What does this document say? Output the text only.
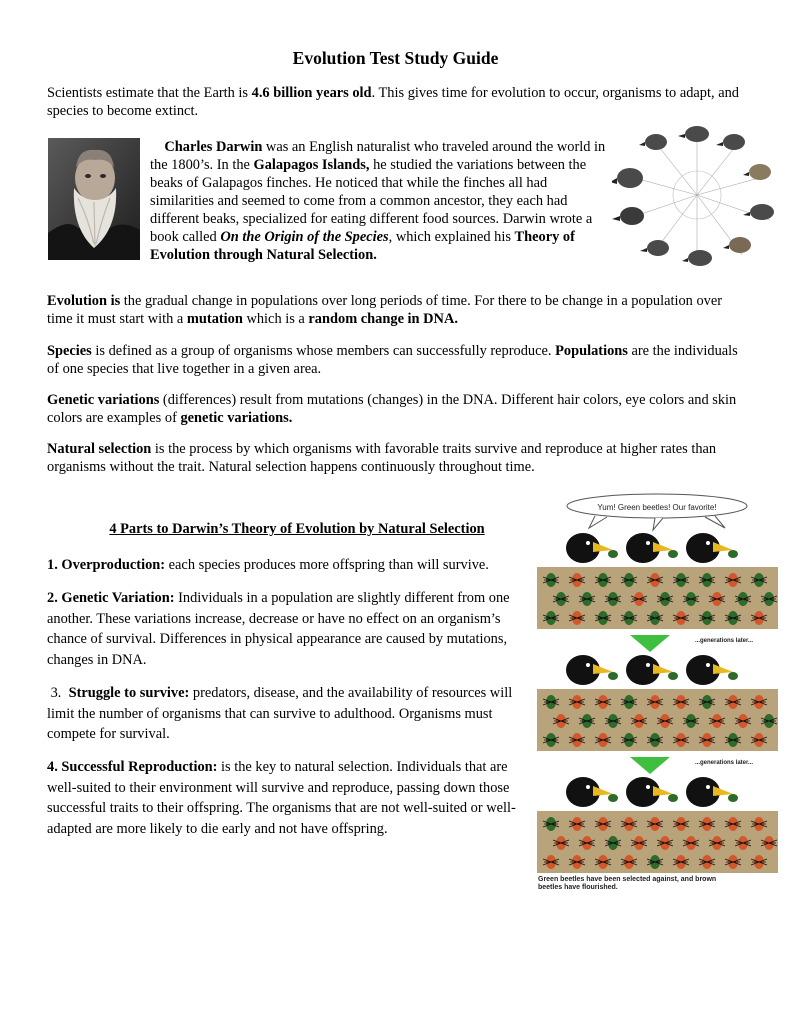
Evolution Test Study Guide

Scientists estimate that the Earth is 4.6 billion years old. This gives time for evolution to occur, organisms to adapt, and species to become extinct.

Charles Darwin was an English naturalist who traveled around the world in the 1800’s. In the Galapagos Islands, he studied the variations between the beaks of Galapagos finches. He noticed that while the finches all had similarities and seemed to come from a common ancestor, they each had different beaks, specialized for eating different food sources. Darwin wrote a book called On the Origin of the Species, which explained his Theory of Evolution through Natural Selection.

Evolution is the gradual change in populations over long periods of time. For there to be change in a population over time it must start with a mutation which is a random change in DNA.

Species is defined as a group of organisms whose members can successfully reproduce. Populations are the individuals of one species that live together in a given area.

Genetic variations (differences) result from mutations (changes) in the DNA. Different hair colors, eye colors and skin colors are examples of genetic variations.

Natural selection is the process by which organisms with favorable traits survive and reproduce at higher rates than organisms without the trait. Natural selection happens continuously throughout time.

4 Parts to Darwin’s Theory of Evolution by Natural Selection

1. Overproduction: each species produces more offspring than will survive.

2. Genetic Variation: Individuals in a population are slightly different from one another. These variations increase, decrease or have no effect on an organism’s chance of survival. Differences in physical appearance are caused by mutations, changes in DNA.

3.  Struggle to survive: predators, disease, and the availability of resources will limit the number of organisms that can survive to adulthood. Organisms must compete for survival.

4. Successful Reproduction: is the key to natural selection. Individuals that are well-suited to their environment will survive and reproduce, passing down those successful traits to their offspring. The organisms that are not well-suited or well-adapted are more likely to die early and not have offspring.

Yum! Green beetles! Our favorite!
...generations later...
...generations later...
Green beetles have been selected against, and brown
beetles have flourished.
